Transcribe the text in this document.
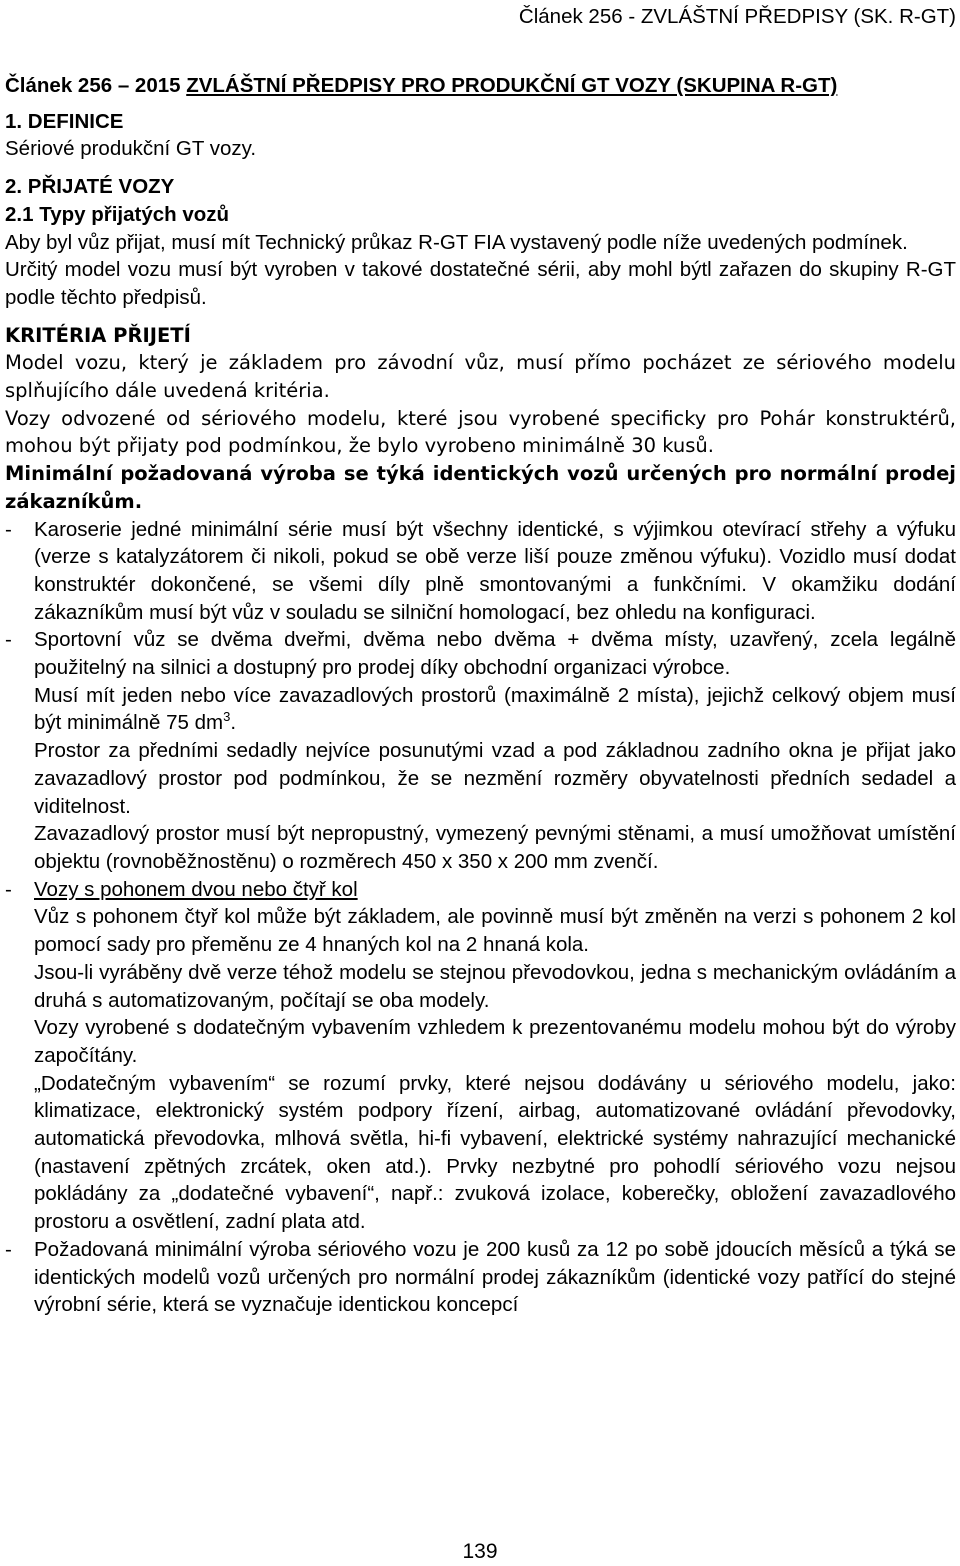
Článek 256 - ZVLÁŠTNÍ PŘEDPISY (SK. R-GT)

Článek 256 – 2015 ZVLÁŠTNÍ PŘEDPISY PRO PRODUKČNÍ GT VOZY (SKUPINA R-GT)

1. DEFINICE

Sériové produkční GT vozy.

2. PŘIJATÉ VOZY

2.1 Typy přijatých vozů

Aby byl vůz přijat, musí mít Technický průkaz R-GT FIA vystavený podle níže uvedených podmínek.

Určitý model vozu musí být vyroben v takové dostatečné sérii, aby mohl býtl zařazen do skupiny R-GT podle těchto předpisů.

KRITÉRIA PŘIJETÍ

Model vozu, který je základem pro závodní vůz, musí přímo pocházet ze sériového modelu splňujícího dále uvedená kritéria.

Vozy odvozené od sériového modelu, které jsou vyrobené specificky pro Pohár konstruktérů, mohou být přijaty pod podmínkou, že bylo vyrobeno minimálně 30 kusů.

Minimální požadovaná výroba se týká identických vozů určených pro normální prodej zákazníkům.

- Karoserie jedné minimální série musí být všechny identické, s výjimkou otevírací střehy a výfuku (verze s katalyzátorem či nikoli, pokud se obě verze liší pouze změnou výfuku). Vozidlo musí dodat konstruktér dokončené, se všemi díly plně smontovanými a funkčními. V okamžiku dodání zákazníkům musí být vůz v souladu se silniční homologací, bez ohledu na konfiguraci.

- Sportovní vůz se dvěma dveřmi, dvěma nebo dvěma + dvěma místy, uzavřený, zcela legálně použitelný na silnici a dostupný pro prodej díky obchodní organizaci výrobce.

Musí mít jeden nebo více zavazadlových prostorů (maximálně 2 místa), jejichž celkový objem musí být minimálně 75 $dm^3$.

Prostor za předními sedadly nejvíce posunutými vzad a pod základnou zadního okna je přijat jako zavazadlový prostor pod podmínkou, že se nezmění rozměry obyvatelnosti předních sedadel a viditelnost.

Zavazadlový prostor musí být nepropustný, vymezený pevnými stěnami, a musí umožňovat umístění objektu (rovnoběžnostěnu) o rozměrech 450 x 350 x 200 mm zvenčí.

- Vozy s pohonem dvou nebo čtyř kol

Vůz s pohonem čtyř kol může být základem, ale povinně musí být změněn na verzi s pohonem 2 kol pomocí sady pro přeměnu ze 4 hnaných kol na 2 hnaná kola.

Jsou-li vyráběny dvě verze téhož modelu se stejnou převodovkou, jedna s mechanickým ovládáním a druhá s automatizovaným, počítají se oba modely.

Vozy vyrobené s dodatečným vybavením vzhledem k prezentovanému modelu mohou být do výroby započítány.

„Dodatečným vybavením“ se rozumí prvky, které nejsou dodávány u sériového modelu, jako: klimatizace, elektronický systém podpory řízení, airbag, automatizované ovládání převodovky, automatická převodovka, mlhová světla, hi-fi vybavení, elektrické systémy nahrazující mechanické (nastavení zpětných zrcátek, oken atd.). Prvky nezbytné pro pohodlí sériového vozu nejsou pokládány za „dodatečné vybavení“, např.: zvuková izolace, koberečky, obložení zavazadlového prostoru a osvětlení, zadní plata atd.

- Požadovaná minimální výroba sériového vozu je 200 kusů za 12 po sobě jdoucích měsíců a týká se identických modelů vozů určených pro normální prodej zákazníkům (identické vozy patřící do stejné výrobní série, která se vyznačuje identickou koncepcí

139
